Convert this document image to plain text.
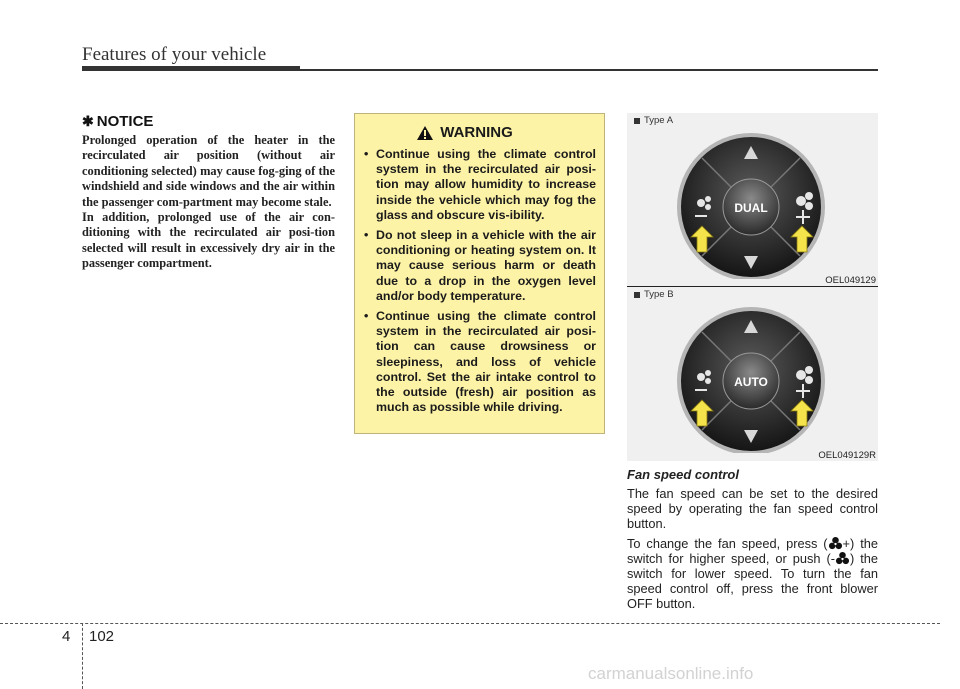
Features of your vehicle
✱ NOTICE

Prolonged operation of the heater in the recirculated air position (without air conditioning selected) may cause fog-ging of the windshield and side windows and the air within the passenger com-partment may become stale.

In addition, prolonged use of the air con-ditioning with the recirculated air posi-tion selected will result in excessively dry air in the passenger compartment.

WARNING
• Continue using the climate control system in the recirculated air posi-tion may allow humidity to increase inside the vehicle which may fog the glass and obscure vis-ibility.
• Do not sleep in a vehicle with the air conditioning or heating system on. It may cause serious harm or death due to a drop in the oxygen level and/or body temperature.
• Continue using the climate control system in the recirculated air posi-tion can cause drowsiness or sleepiness, and loss of vehicle control. Set the air intake control to the outside (fresh) air position as much as possible while driving.
Type A
DUAL
OEL049129
Type B
AUTO
OEL049129R
Fan speed control

The fan speed can be set to the desired speed by operating the fan speed control button.

To change the fan speed, press ( +) the switch for higher speed, or push (- ) the switch for lower speed. To turn the fan speed control off, press the front blower OFF button.

4 102
carmanualsonline.info
